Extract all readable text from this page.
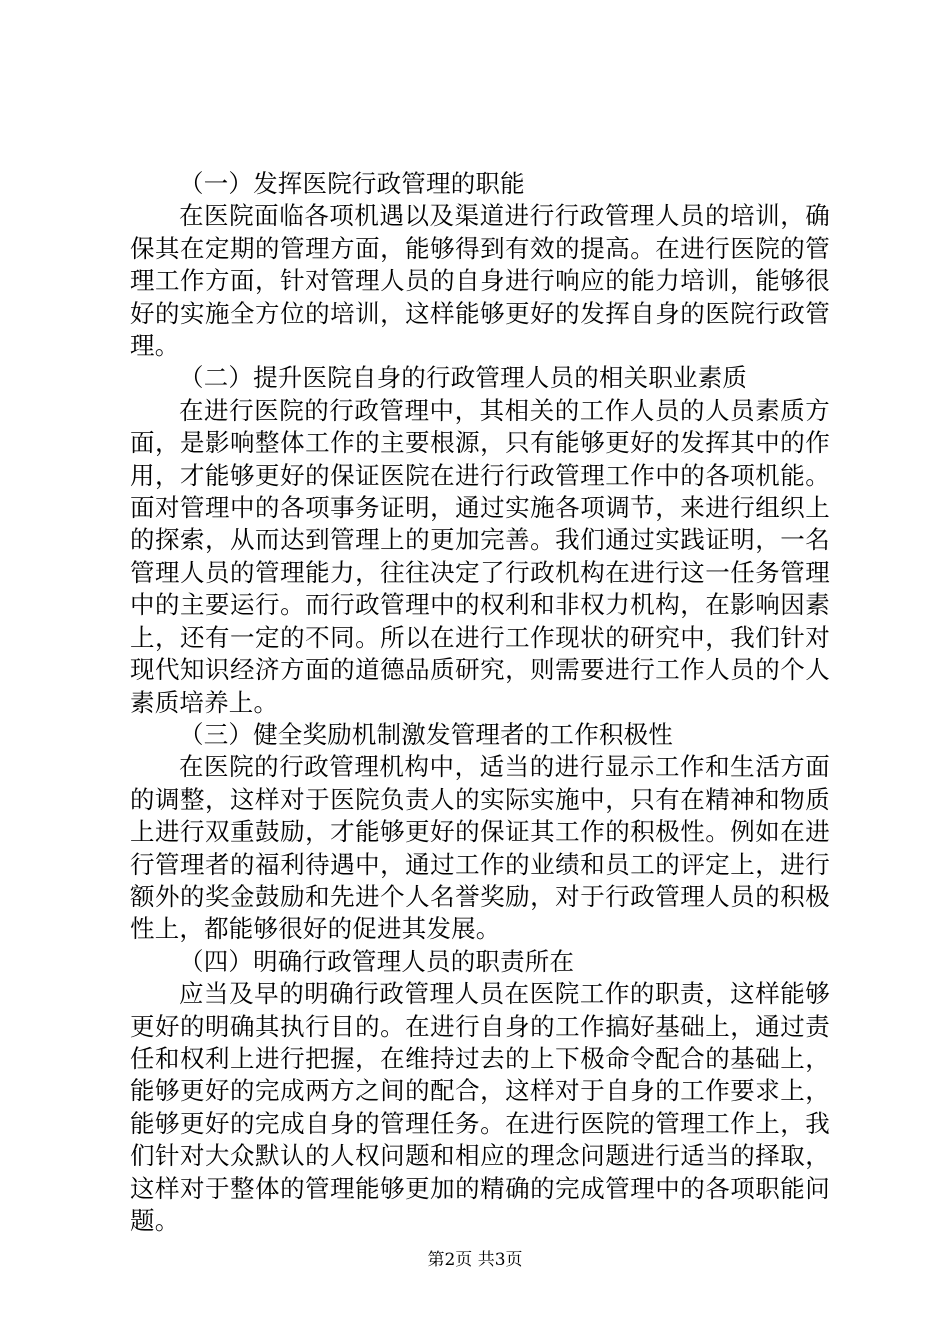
（一）发挥医院行政管理的职能

在医院面临各项机遇以及渠道进行行政管理人员的培训，确保其在定期的管理方面，能够得到有效的提高。在进行医院的管理工作方面，针对管理人员的自身进行响应的能力培训，能够很好的实施全方位的培训，这样能够更好的发挥自身的医院行政管理。

（二）提升医院自身的行政管理人员的相关职业素质

在进行医院的行政管理中，其相关的工作人员的人员素质方面，是影响整体工作的主要根源，只有能够更好的发挥其中的作用，才能够更好的保证医院在进行行政管理工作中的各项机能。面对管理中的各项事务证明，通过实施各项调节，来进行组织上的探索，从而达到管理上的更加完善。我们通过实践证明，一名管理人员的管理能力，往往决定了行政机构在进行这一任务管理中的主要运行。而行政管理中的权利和非权力机构，在影响因素上，还有一定的不同。所以在进行工作现状的研究中，我们针对现代知识经济方面的道德品质研究，则需要进行工作人员的个人素质培养上。

（三）健全奖励机制激发管理者的工作积极性

在医院的行政管理机构中，适当的进行显示工作和生活方面的调整，这样对于医院负责人的实际实施中，只有在精神和物质上进行双重鼓励，才能够更好的保证其工作的积极性。例如在进行管理者的福利待遇中，通过工作的业绩和员工的评定上，进行额外的奖金鼓励和先进个人名誉奖励，对于行政管理人员的积极性上，都能够很好的促进其发展。

（四）明确行政管理人员的职责所在

应当及早的明确行政管理人员在医院工作的职责，这样能够更好的明确其执行目的。在进行自身的工作搞好基础上，通过责任和权利上进行把握，在维持过去的上下极命令配合的基础上，能够更好的完成两方之间的配合，这样对于自身的工作要求上，能够更好的完成自身的管理任务。在进行医院的管理工作上，我们针对大众默认的人权问题和相应的理念问题进行适当的择取，这样对于整体的管理能够更加的精确的完成管理中的各项职能问题。

第2页 共3页
